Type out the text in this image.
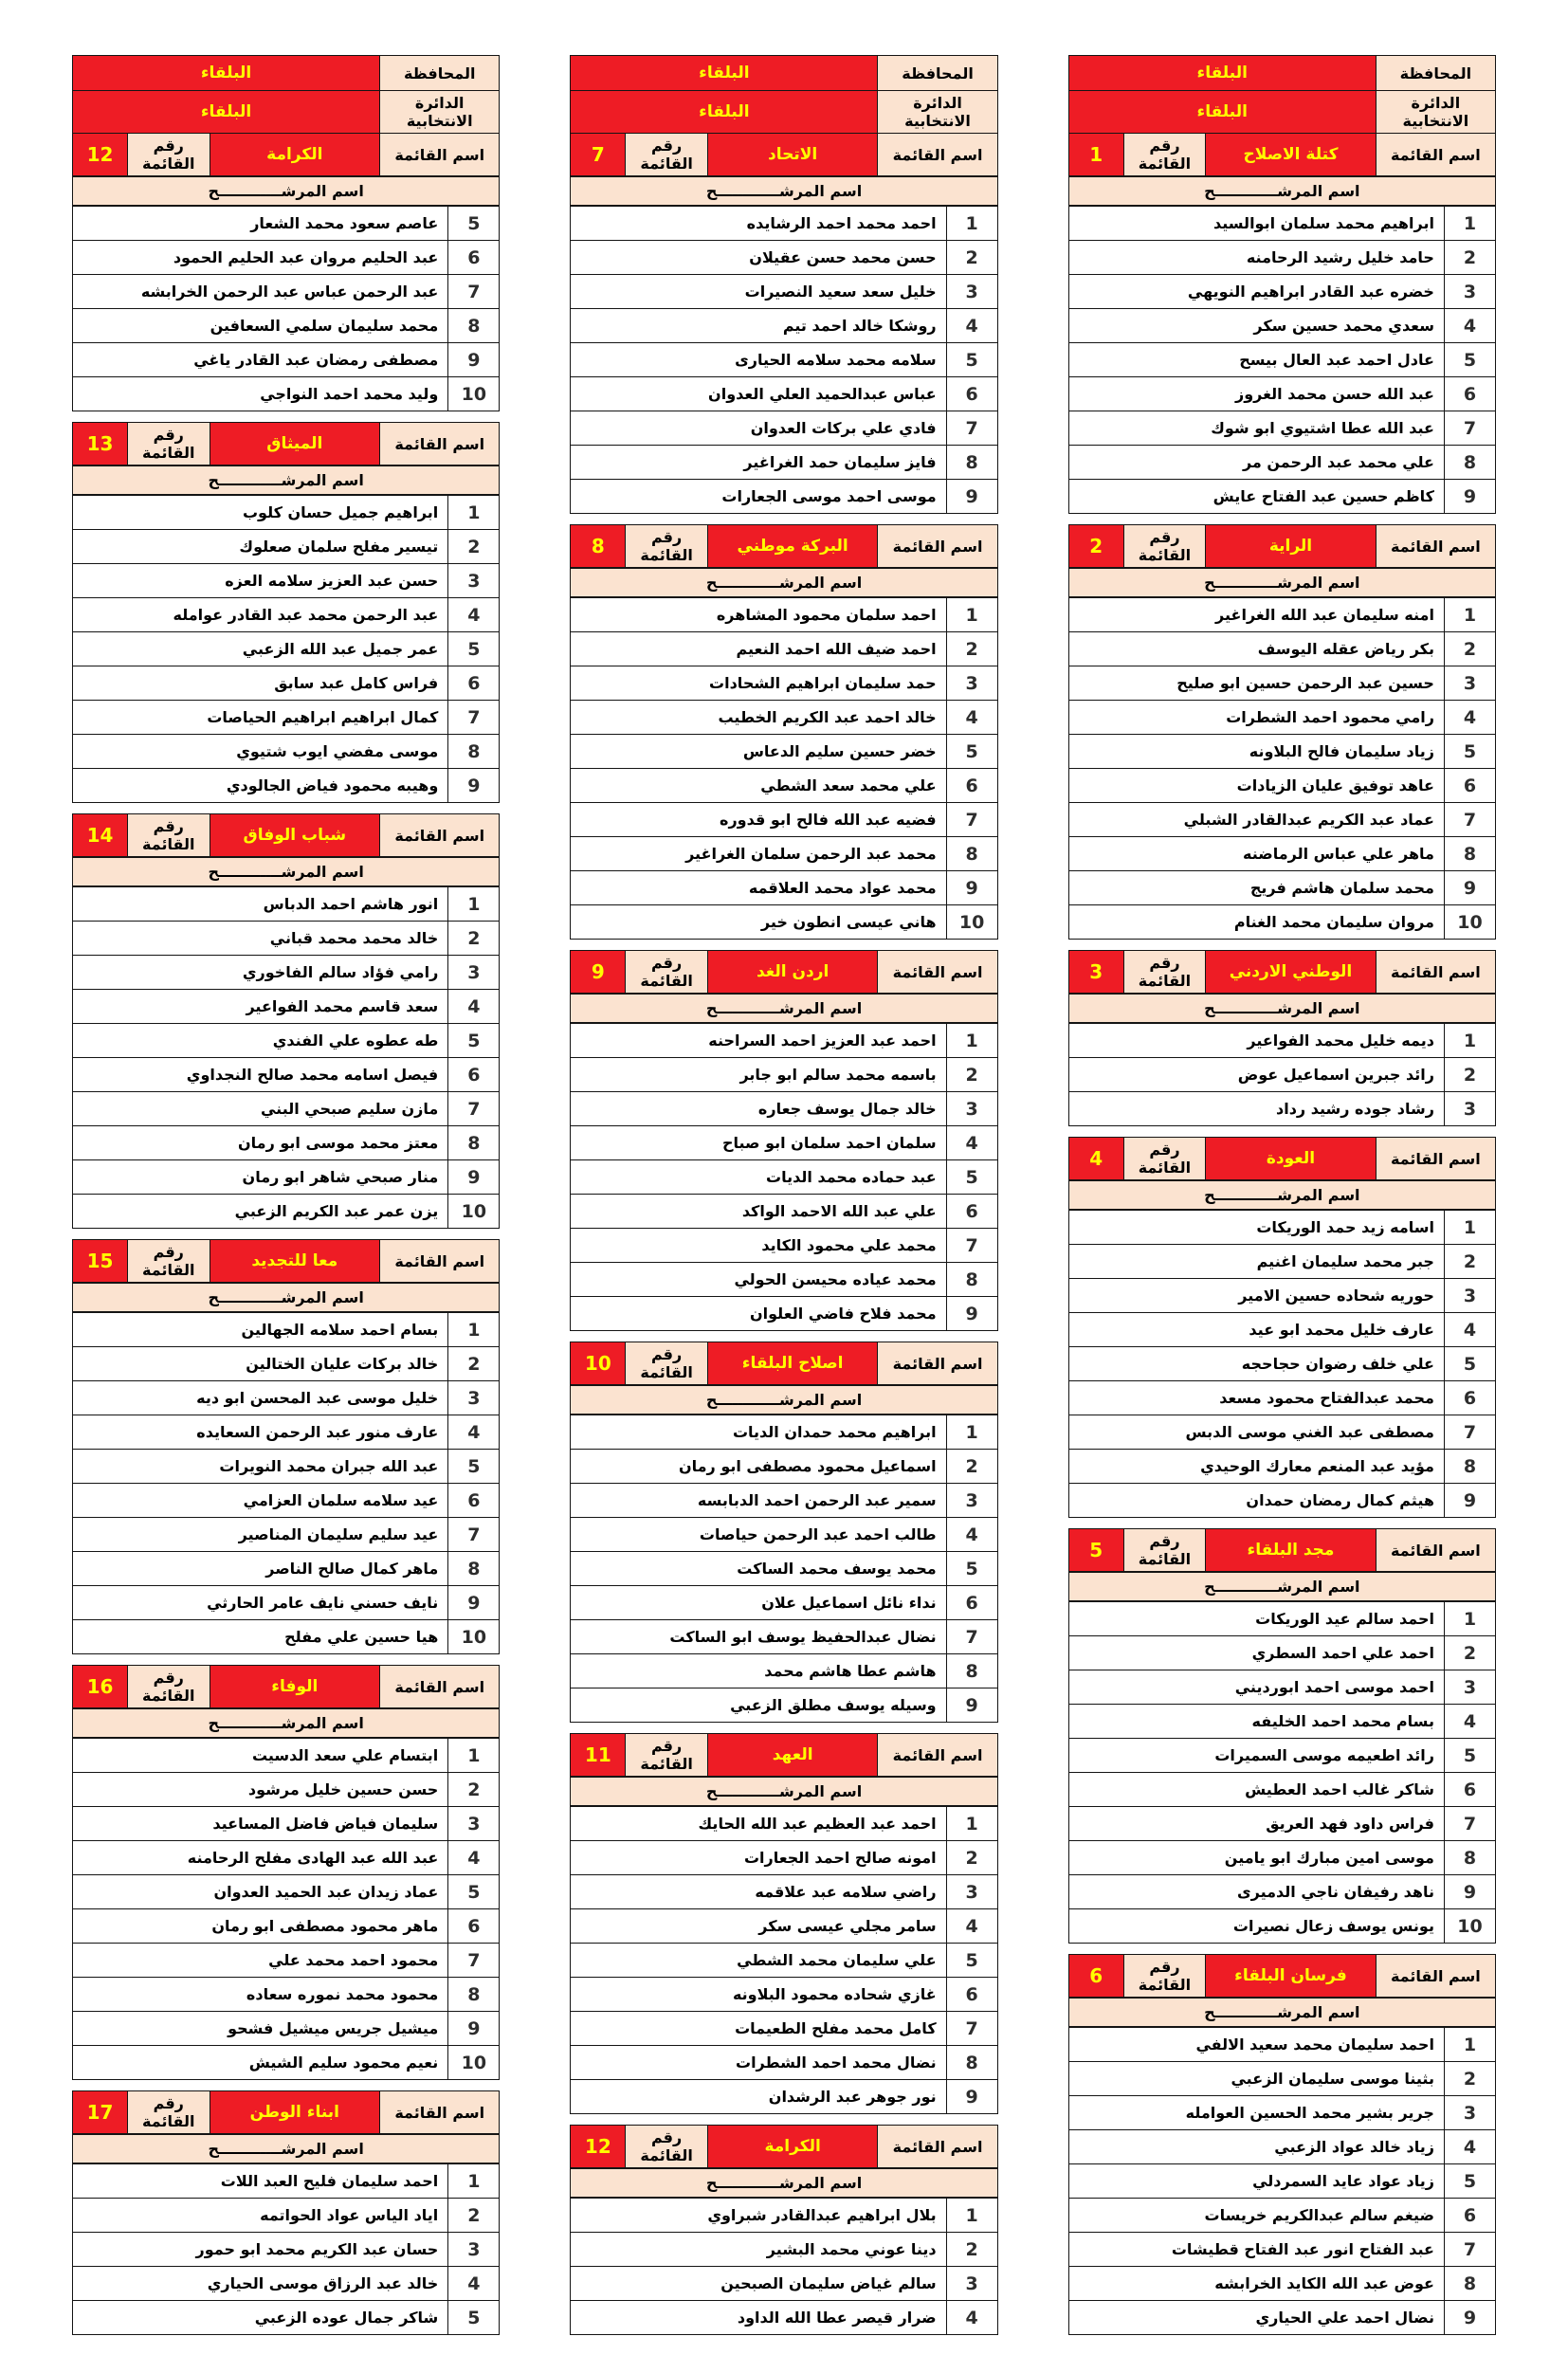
المحافظة
البلقاء
الدائرة الانتخابية
البلقاء
اسم القائمة
كتلة الاصلاح
رقم القائمة
1
اسم المرشــــــــــــح
1
ابراهيم محمد سلمان ابوالسيد
2
حامد خليل رشيد الرحامنه
3
خضره عبد القادر ابراهيم النويهي
4
سعدي محمد حسين سكر
5
عادل احمد عبد العال بيسح
6
عبد الله حسن محمد الغروز
7
عبد الله عطا اشتيوي ابو شوك
8
علي محمد عبد الرحمن مر
9
كاظم حسين عبد الفتاح عايش
اسم القائمة
الراية
رقم القائمة
2
اسم المرشــــــــــــح
1
امنه سليمان عبد الله الغراغير
2
بكر رياض عقله اليوسف
3
حسين عبد الرحمن حسين ابو صليح
4
رامي محمود احمد الشطرات
5
زياد سليمان فالح البلاونه
6
عاهد توفيق عليان الزيادات
7
عماد عبد الكريم عبدالقادر الشبلي
8
ماهر علي عباس الرماضنه
9
محمد سلمان هاشم فريج
10
مروان سليمان محمد الغنام
اسم القائمة
الوطني الاردني
رقم القائمة
3
اسم المرشــــــــــــح
1
ديمه خليل محمد الفواعير
2
رائد جبرين اسماعيل عوض
3
رشاد جوده رشيد رداد
اسم القائمة
العودة
رقم القائمة
4
اسم المرشــــــــــــح
1
اسامه زيد حمد الوريكات
2
جبر محمد سليمان اغنيم
3
حوريه شحاده حسين الامير
4
عارف خليل محمد ابو عيد
5
علي خلف رضوان حجاحجه
6
محمد عبدالفتاح محمود مسعد
7
مصطفى عبد الغني موسى الدبس
8
مؤيد عبد المنعم معارك الوحيدي
9
هيثم كمال رمضان حمدان
اسم القائمة
مجد البلقاء
رقم القائمة
5
اسم المرشــــــــــــح
1
احمد سالم عيد الوريكات
2
احمد علي احمد السطري
3
احمد موسى احمد ابورديني
4
بسام محمد احمد الخليفه
5
رائد اطعيمه موسى السميرات
6
شاكر غالب احمد العطيش
7
فراس داود فهد العريق
8
موسى امين مبارك ابو يامين
9
ناهد رفيفان ناجي الدميرى
10
يونس يوسف زعال نصيرات
اسم القائمة
فرسان البلقاء
رقم القائمة
6
اسم المرشــــــــــــح
1
احمد سليمان محمد سعيد الالفي
2
بثينا موسى سليمان الزعبي
3
جرير بشير محمد الحسين العوامله
4
زياد خالد عواد الزعبي
5
زياد عواد عايد السمردلي
6
ضيغم سالم عبدالكريم خريسات
7
عبد الفتاح انور عبد الفتاح قطيشات
8
عوض عبد الله الكايد الخرابشه
9
نضال احمد علي الحياري
المحافظة
البلقاء
الدائرة الانتخابية
البلقاء
اسم القائمة
الاتحاد
رقم القائمة
7
اسم المرشــــــــــــح
1
احمد محمد احمد الرشايده
2
حسن محمد حسن عقيلان
3
خليل سعد سعيد النصيرات
4
روشكا خالد احمد تيم
5
سلامه محمد سلامه الحيارى
6
عباس عبدالحميد العلي العدوان
7
فادي علي بركات العدوان
8
فايز سليمان حمد الغراغير
9
موسى احمد موسى الجعارات
اسم القائمة
البركة موطني
رقم القائمة
8
اسم المرشــــــــــــح
1
احمد سلمان محمود المشاهره
2
احمد ضيف الله احمد النعيم
3
حمد سليمان ابراهيم الشحادات
4
خالد احمد عبد الكريم الخطيب
5
خضر حسين سليم الدعاس
6
علي محمد سعد الشطي
7
فضيه عبد الله فالح ابو قدوره
8
محمد عبد الرحمن سلمان الغراغير
9
محمد عواد محمد العلاقمه
10
هاني عيسى انطون خير
اسم القائمة
اردن الغد
رقم القائمة
9
اسم المرشــــــــــــح
1
احمد عبد العزيز احمد السراحنه
2
باسمه محمد سالم ابو جابر
3
خالد جمال يوسف جعاره
4
سلمان احمد سلمان ابو صباح
5
عبد حماده محمد الديات
6
علي عبد الله الاحمد الواكد
7
محمد علي محمود الكايد
8
محمد عياده محيسن الحولي
9
محمد فلاح فاضي العلوان
اسم القائمة
اصلاح البلقاء
رقم القائمة
10
اسم المرشــــــــــــح
1
ابراهيم محمد حمدان الديات
2
اسماعيل محمود مصطفى ابو رمان
3
سمير عبد الرحمن احمد الدبابسه
4
طالب احمد عبد الرحمن حياصات
5
محمد يوسف محمد الساكت
6
نداء نائل اسماعيل علان
7
نضال عبدالحفيظ يوسف ابو الساكت
8
هاشم عطا هاشم محمد
9
وسيله يوسف مطلق الزعبي
اسم القائمة
العهد
رقم القائمة
11
اسم المرشــــــــــــح
1
احمد عبد العظيم عبد الله الحايك
2
امونه صالح احمد الجعارات
3
راضي سلامه عبد علاقمه
4
سامر مجلي عيسى سكر
5
علي سليمان محمد الشطي
6
غازي شحاده محمود البلاونه
7
كامل محمد مفلح الطعيمات
8
نضال محمد احمد الشطرات
9
نور جوهر عبد الرشدان
اسم القائمة
الكرامة
رقم القائمة
12
اسم المرشــــــــــــح
1
بلال ابراهيم عبدالقادر شبراوي
2
دينا عوني محمد البشير
3
سالم غياض سليمان الصبحين
4
ضرار قيصر عطا الله الداود
المحافظة
البلقاء
الدائرة الانتخابية
البلقاء
اسم القائمة
الكرامة
رقم القائمة
12
اسم المرشــــــــــــح
5
عاصم سعود محمد الشعار
6
عبد الحليم مروان عبد الحليم الحمود
7
عبد الرحمن عباس عبد الرحمن الخرابشه
8
محمد سليمان سلمي السعافين
9
مصطفى رمضان عبد القادر ياغي
10
وليد محمد احمد النواجي
اسم القائمة
الميثاق
رقم القائمة
13
اسم المرشــــــــــــح
1
ابراهيم جميل حسان كلوب
2
تيسير مفلح سلمان صعلوك
3
حسن عبد العزيز سلامه العزه
4
عبد الرحمن محمد عبد القادر عوامله
5
عمر جميل عبد الله الزعبي
6
فراس كامل عبد سابق
7
كمال ابراهيم ابراهيم الحياصات
8
موسى مفضي ايوب شتيوي
9
وهيبه محمود فياض الجالودي
اسم القائمة
شباب الوفاق
رقم القائمة
14
اسم المرشــــــــــــح
1
انور هاشم احمد الدباس
2
خالد محمد محمد قباني
3
رامي فؤاد سالم الفاخوري
4
سعد قاسم محمد الفواعير
5
طه عطوه علي الفندي
6
فيصل اسامه محمد صالح النجداوي
7
مازن سليم صبحي البني
8
معتز محمد موسى ابو رمان
9
منار صبحي شاهر ابو رمان
10
يزن عمر عبد الكريم الزعبي
اسم القائمة
معا للتجديد
رقم القائمة
15
اسم المرشــــــــــــح
1
بسام احمد سلامه الجهالين
2
خالد بركات عليان الختالين
3
خليل موسى عبد المحسن ابو ديه
4
عارف منور عبد الرحمن السعايده
5
عبد الله جبران محمد النويرات
6
عيد سلامه سلمان العزامي
7
عيد سليم سليمان المناصير
8
ماهر كمال صالح الناصر
9
نايف حسني نايف عامر الحارثي
10
هيا حسين علي مفلح
اسم القائمة
الوفاء
رقم القائمة
16
اسم المرشــــــــــــح
1
ابتسام علي سعد الدسيت
2
حسن حسين خليل مرشود
3
سليمان فياض فاضل المساعيد
4
عبد الله عبد الهادى مفلح الرحامنه
5
عماد زيدان عبد الحميد العدوان
6
ماهر محمود مصطفى ابو رمان
7
محمود احمد محمد علي
8
محمود محمد نموره سعاده
9
ميشيل جريس ميشيل فشحو
10
نعيم محمود سليم الشيش
اسم القائمة
ابناء الوطن
رقم القائمة
17
اسم المرشــــــــــــح
1
احمد سليمان فليح العبد اللات
2
اياد الياس عواد الحواتمه
3
حسان عبد الكريم محمد ابو حمور
4
خالد عبد الرزاق موسى الحياري
5
شاكر جمال عوده الزعبي
